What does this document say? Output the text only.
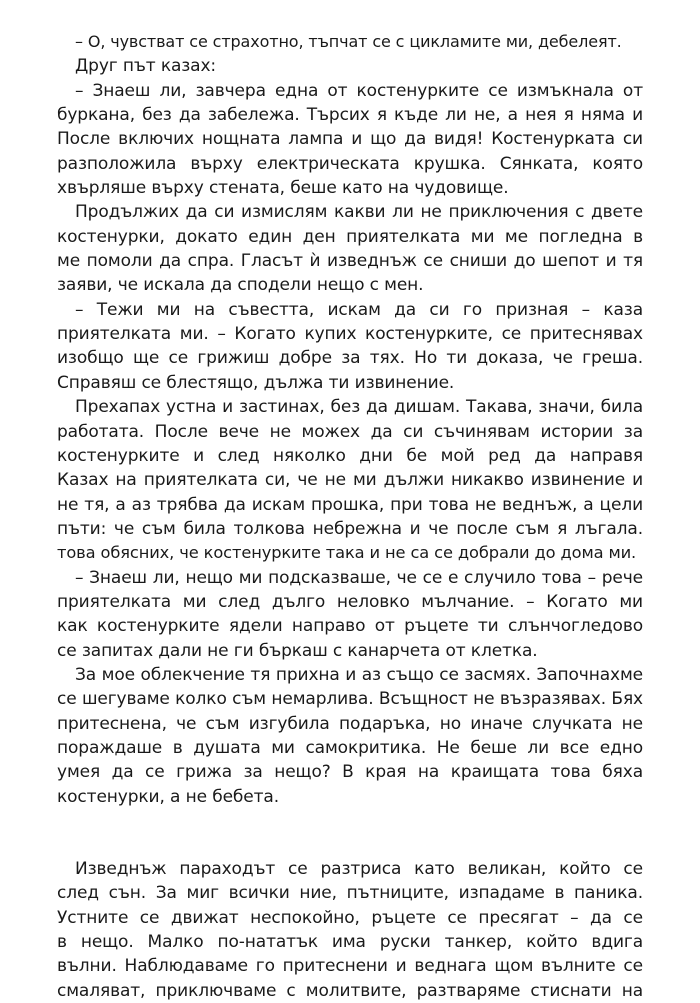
– О, чувстват се страхотно, тъпчат се с цикламите ми, дебелеят.
Друг път казах:
– Знаеш ли, завчера една от костенурките се измъкнала от
буркана, без да забележа. Търсих я къде ли не, а нея я няма и
После включих нощната лампа и що да видя! Костенурката си
разположила върху електрическата крушка. Сянката, която
хвърляше върху стената, беше като на чудовище.
Продължих да си измислям какви ли не приключения с двете
костенурки, докато един ден приятелката ми ме погледна в
ме помоли да спра. Гласът ѝ изведнъж се сниши до шепот и тя
заяви, че искала да сподели нещо с мен.
– Тежи ми на съвестта, искам да си го призная – каза
приятелката ми. – Когато купих костенурките, се притеснявах
изобщо ще се грижиш добре за тях. Но ти доказа, че греша.
Справяш се блестящо, дължа ти извинение.
Прехапах устна и застинах, без да дишам. Такава, значи, била
работата. После вече не можех да си съчинявам истории за
костенурките и след няколко дни бе мой ред да направя
Казах на приятелката си, че не ми дължи никакво извинение и
не тя, а аз трябва да искам прошка, при това не веднъж, а цели
пъти: че съм била толкова небрежна и че после съм я лъгала.
това обясних, че костенурките така и не са се добрали до дома ми.
– Знаеш ли, нещо ми подсказваше, че се е случило това – рече
приятелката ми след дълго неловко мълчание. – Когато ми
как костенурките ядели направо от ръцете ти слънчогледово
се запитах дали не ги бъркаш с канарчета от клетка.
За мое облекчение тя прихна и аз също се засмях. Започнахме
се шегуваме колко съм немарлива. Всъщност не възразявах. Бях
притеснена, че съм изгубила подаръка, но иначе случката не
пораждаше в душата ми самокритика. Не беше ли все едно
умея да се грижа за нещо? В края на краищата това бяха
костенурки, а не бебета.
Изведнъж параходът се разтриса като великан, който се
след сън. За миг всички ние, пътниците, изпадаме в паника.
Устните се движат неспокойно, ръцете се пресягат – да се
в нещо. Малко по-нататък има руски танкер, който вдига
вълни. Наблюдаваме го притеснени и веднага щом вълните се
смаляват, приключваме с молитвите, разтваряме стиснати на
